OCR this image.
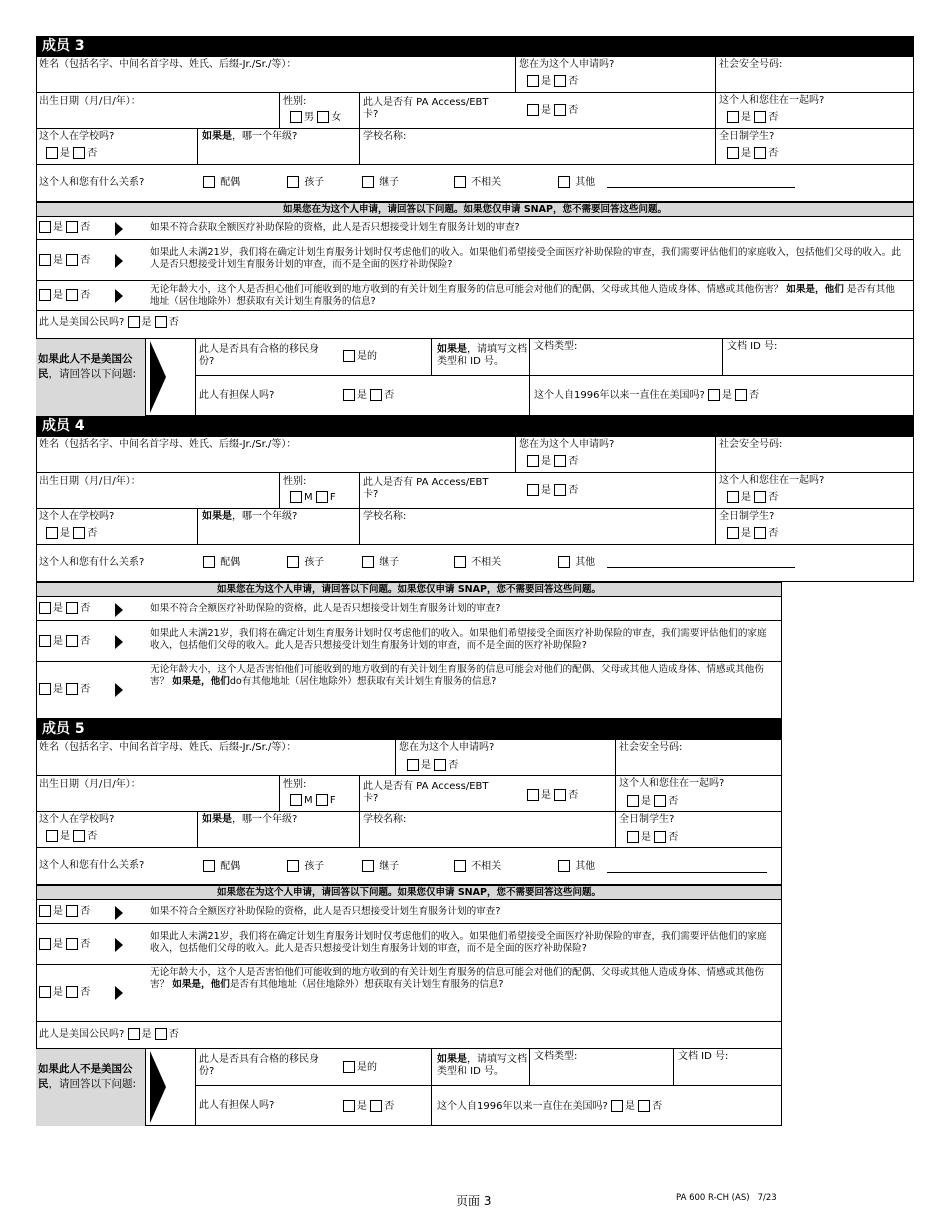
成员 3
姓名（包括名字、中间名首字母、姓氏、后缀-Jr./Sr./等）：	您在为这个人申请吗?
是 否
社会安全号码:
出生日期（月/日/年）：	性别:
男 女
此人是否有 PA Access/EBT 卡?	是 否
这个人和您住在一起吗?
是 否
这个人在学校吗?
是 否
如果是，哪一个年级?	学校名称:	全日制学生?
是 否
这个人和您有什么关系?	配偶	孩子	继子	不相关	其他
如果您在为这个人申请，请回答以下问题。如果您仅申请 SNAP，您不需要回答这些问题。
是 否	如果不符合获取全额医疗补助保险的资格，此人是否只想接受计划生育服务计划的审查?
是 否
如果此人未满21岁，我们将在确定计划生育服务计划时仅考虑他们的收入。如果他们希望接受全面医疗补助保险的审查，我们需要评估他们的家庭收入，包括他们父母的收入。此人是否只想接受计划生育服务计划的审查，而不是全面的医疗补助保险?
是 否
无论年龄大小，这个人是否担心他们可能收到的地方收到的有关计划生育服务的信息可能会对他们的配偶、父母或其他人造成身体、情感或其他伤害？ 如果是，他们 是否有其他地址（居住地除外）想获取有关计划生育服务的信息?
此人是美国公民吗? 是 否
如果此人不是美国公民，请回答以下问题:
此人是否具有合格的移民身份?	是的
如果是，请填写文档类型和 ID 号。
文档类型:	文档 ID 号:
此人有担保人吗?	是 否	这个人自1996年以来一直住在美国吗? 是 否
成员 4
姓名（包括名字、中间名首字母、姓氏、后缀-Jr./Sr./等）：	您在为这个人申请吗?
是 否
社会安全号码:
出生日期（月/日/年）：	性别:
M F
此人是否有 PA Access/EBT 卡?	是 否
这个人和您住在一起吗?
是 否
这个人在学校吗?
是 否
如果是，哪一个年级?	学校名称:	全日制学生?
是 否
这个人和您有什么关系?	配偶	孩子	继子	不相关	其他
如果您在为这个人申请，请回答以下问题。如果您仅申请 SNAP，您不需要回答这些问题。
是 否	如果不符合全额医疗补助保险的资格，此人是否只想接受计划生育服务计划的审查?
是 否
如果此人未满21岁，我们将在确定计划生育服务计划时仅考虑他们的收入。如果他们希望接受全面医疗补助保险的审查，我们需要评估他们的家庭收入，包括他们父母的收入。此人是否只想接受计划生育服务计划的审查，而不是全面的医疗补助保险?
是 否
无论年龄大小，这个人是否害怕他们可能收到的地方收到的有关计划生育服务的信息可能会对他们的配偶、父母或其他人造成身体、情感或其他伤害？ 如果是，他们do有其他地址（居住地除外）想获取有关计划生育服务的信息?
成员 5
姓名（包括名字、中间名首字母、姓氏、后缀-Jr./Sr./等）：	您在为这个人申请吗?
是 否
社会安全号码:
出生日期（月/日/年）：	性别:
M F
此人是否有 PA Access/EBT 卡?	是 否
这个人和您住在一起吗?
是 否
这个人在学校吗?
是 否
如果是，哪一个年级?	学校名称:	全日制学生?
是 否
这个人和您有什么关系?	配偶	孩子	继子	不相关	其他
如果您在为这个人申请，请回答以下问题。如果您仅申请 SNAP，您不需要回答这些问题。
是 否	如果不符合全额医疗补助保险的资格，此人是否只想接受计划生育服务计划的审查?
是 否
如果此人未满21岁，我们将在确定计划生育服务计划时仅考虑他们的收入。如果他们希望接受全面医疗补助保险的审查，我们需要评估他们的家庭收入，包括他们父母的收入。此人是否只想接受计划生育服务计划的审查，而不是全面的医疗补助保险?
是 否
无论年龄大小，这个人是否害怕他们可能收到的地方收到的有关计划生育服务的信息可能会对他们的配偶、父母或其他人造成身体、情感或其他伤害？ 如果是，他们是否有其他地址（居住地除外）想获取有关计划生育服务的信息?
此人是美国公民吗? 是 否
如果此人不是美国公民，请回答以下问题:
此人是否具有合格的移民身份?	是的
如果是，请填写文档类型和 ID 号。
文档类型:	文档 ID 号:
此人有担保人吗?	是 否	这个人自1996年以来一直住在美国吗? 是 否
页面 3	PA 600 R-CH (AS)   7/23
